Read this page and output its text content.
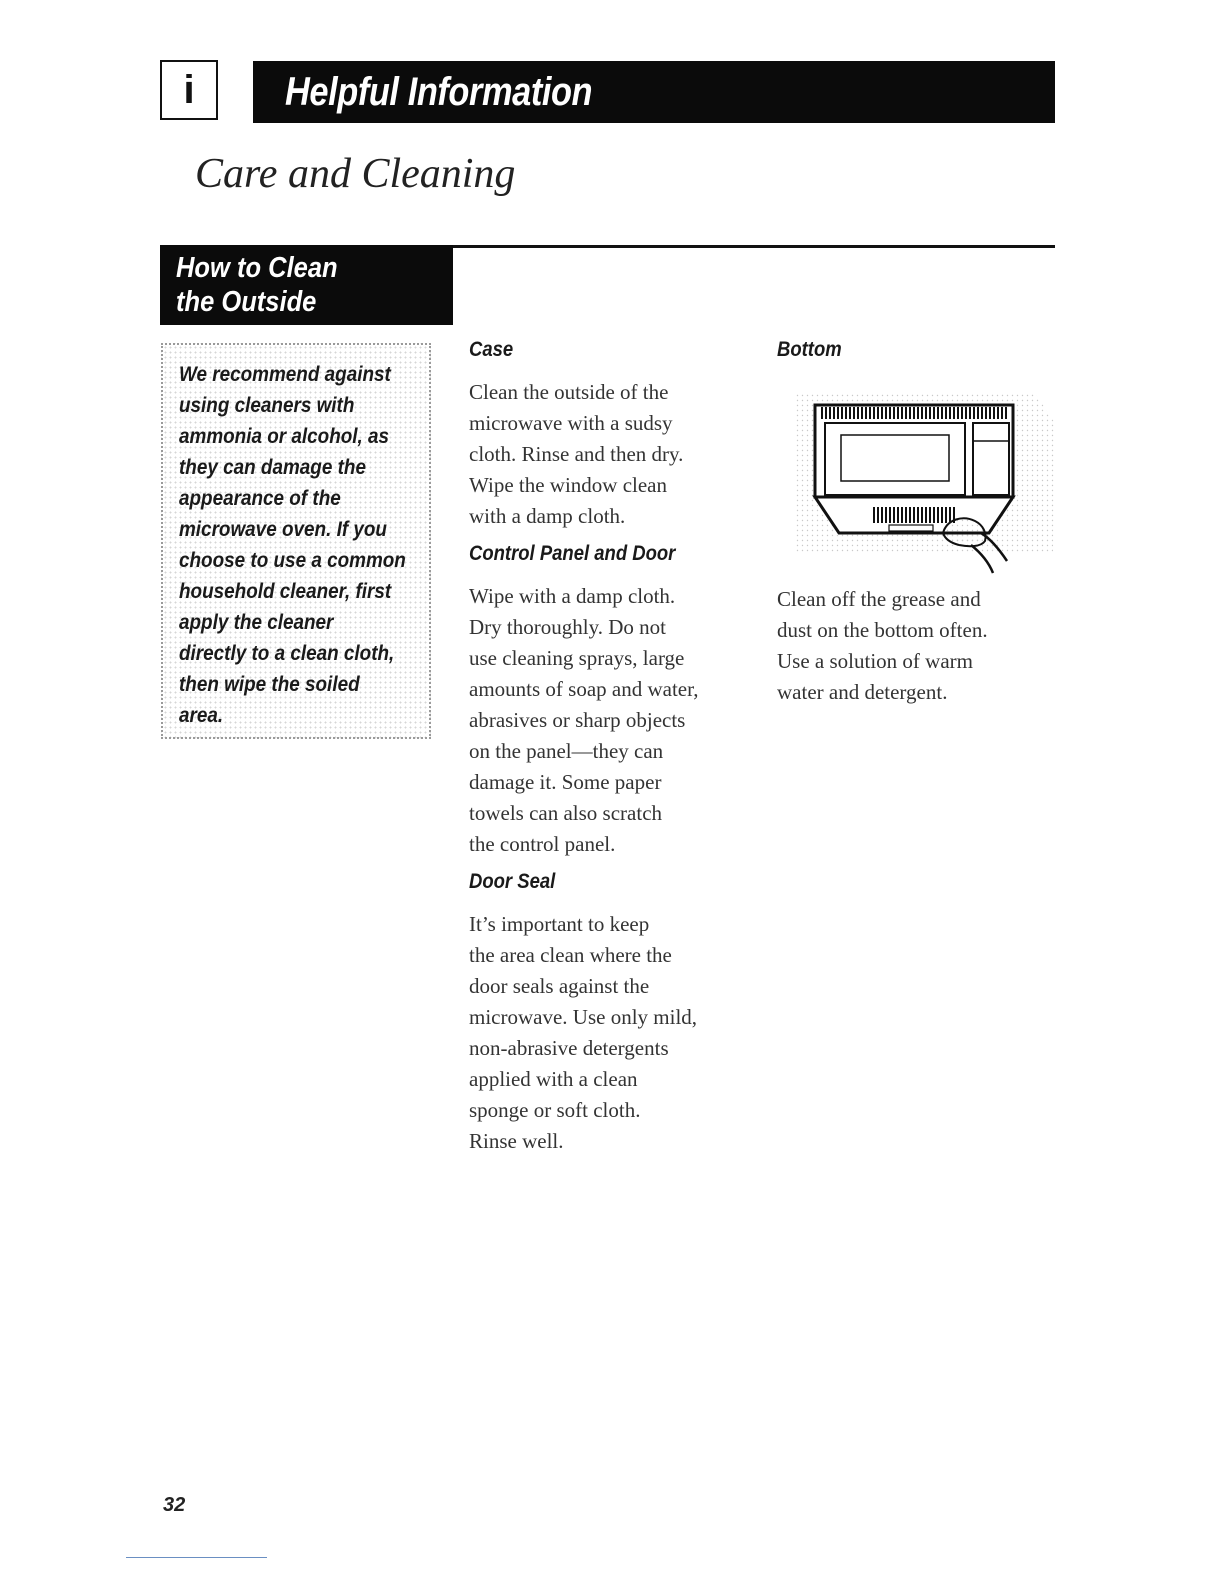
i Helpful Information
Care and Cleaning
How to Clean
the Outside
We recommend against
using cleaners with
ammonia or alcohol, as
they can damage the
appearance of the
microwave oven. If you
choose to use a common
household cleaner, first
apply the cleaner
directly to a clean cloth,
then wipe the soiled
area.
Case

Clean the outside of the

microwave with a sudsy

cloth. Rinse and then dry.

Wipe the window clean

with a damp cloth.

Control Panel and Door

Wipe with a damp cloth.

Dry thoroughly. Do not

use cleaning sprays, large

amounts of soap and water,

abrasives or sharp objects

on the panel—they can

damage it. Some paper

towels can also scratch

the control panel.

Door Seal

It’s important to keep

the area clean where the

door seals against the

microwave. Use only mild,

non-abrasive detergents

applied with a clean

sponge or soft cloth.

Rinse well.

Bottom

Clean off the grease and

dust on the bottom often.

Use a solution of warm

water and detergent.

32
